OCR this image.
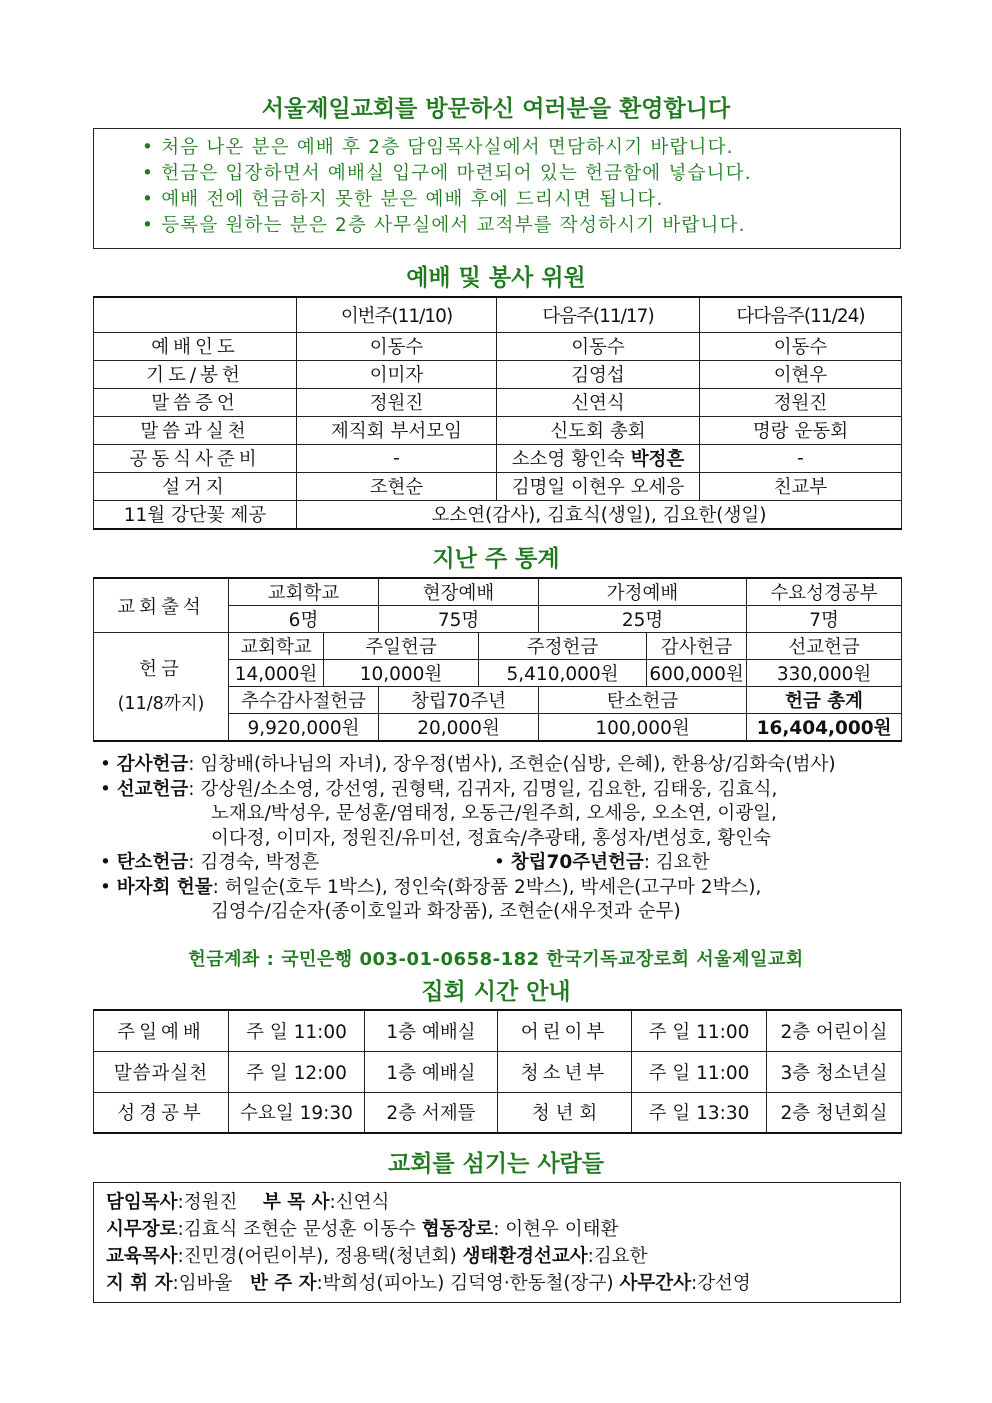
서울제일교회를 방문하신 여러분을 환영합니다
• 처음 나온 분은 예배 후 2층 담임목사실에서 면담하시기 바랍니다.
• 헌금은 입장하면서 예배실 입구에 마련되어 있는 헌금함에 넣습니다.
• 예배 전에 헌금하지 못한 분은 예배 후에 드리시면 됩니다.
• 등록을 원하는 분은 2층 사무실에서 교적부를 작성하시기 바랍니다.
예배 및 봉사 위원
	이번주(11/10)	다음주(11/17)	다다음주(11/24)
예배인도	이동수	이동수	이동수
기도/봉헌	이미자	김영섭	이현우
말씀증언	정원진	신연식	정원진
말씀과실천	제직회 부서모임	신도회 총회	명랑 운동회
공동식사준비	-	소소영 황인숙 박정흔	-
설거지	조현순	김명일 이현우 오세응	친교부
11월 강단꽃 제공	오소연(감사), 김효식(생일), 김요한(생일)		
지난 주 통계
교회출석	교회학교		현장예배		가정예배		수요성경공부
	6명		75명		25명		7명

헌금
(11/8까지)	교회학교	주일헌금		주정헌금		감사헌금	선교헌금
	14,000원	10,000원		5,410,000원		600,000원	330,000원
	추수감사절헌금		창립70주년		탄소헌금		헌금 총계
	9,920,000원		20,000원		100,000원		16,404,000원
• 감사헌금: 임창배(하나님의 자녀), 장우정(범사), 조현순(심방, 은혜), 한용상/김화숙(범사)
• 선교헌금: 강상원/소소영, 강선영, 권형택, 김귀자, 김명일, 김요한, 김태웅, 김효식,
노재요/박성우, 문성훈/염태정, 오동근/원주희, 오세응, 오소연, 이광일,
이다정, 이미자, 정원진/유미선, 정효숙/추광태, 홍성자/변성호, 황인숙
• 탄소헌금: 김경숙, 박정흔	• 창립70주년헌금: 김요한
• 바자회 헌물: 허일순(호두 1박스), 정인숙(화장품 2박스), 박세은(고구마 2박스),
김영수/김순자(종이호일과 화장품), 조현순(새우젓과 순무)
헌금계좌 : 국민은행 003-01-0658-182 한국기독교장로회 서울제일교회
집회 시간 안내
주일예배	주 일 11:00	1층 예배실	어린이부	주 일 11:00	2층 어린이실
말씀과실천	주 일 12:00	1층 예배실	청소년부	주 일 11:00	3층 청소년실
성경공부	수요일 19:30	2층 서제뜰	청 년 회	주 일 13:30	2층 청년회실
교회를 섬기는 사람들
담임목사:정원진   부 목 사:신연식
시무장로:김효식 조현순 문성훈 이동수 협동장로: 이현우 이태환
교육목사:진민경(어린이부), 정용택(청년회) 생태환경선교사:김요한
지 휘 자:임바울   반 주 자:박희성(피아노) 김덕영·한동철(장구) 사무간사:강선영
